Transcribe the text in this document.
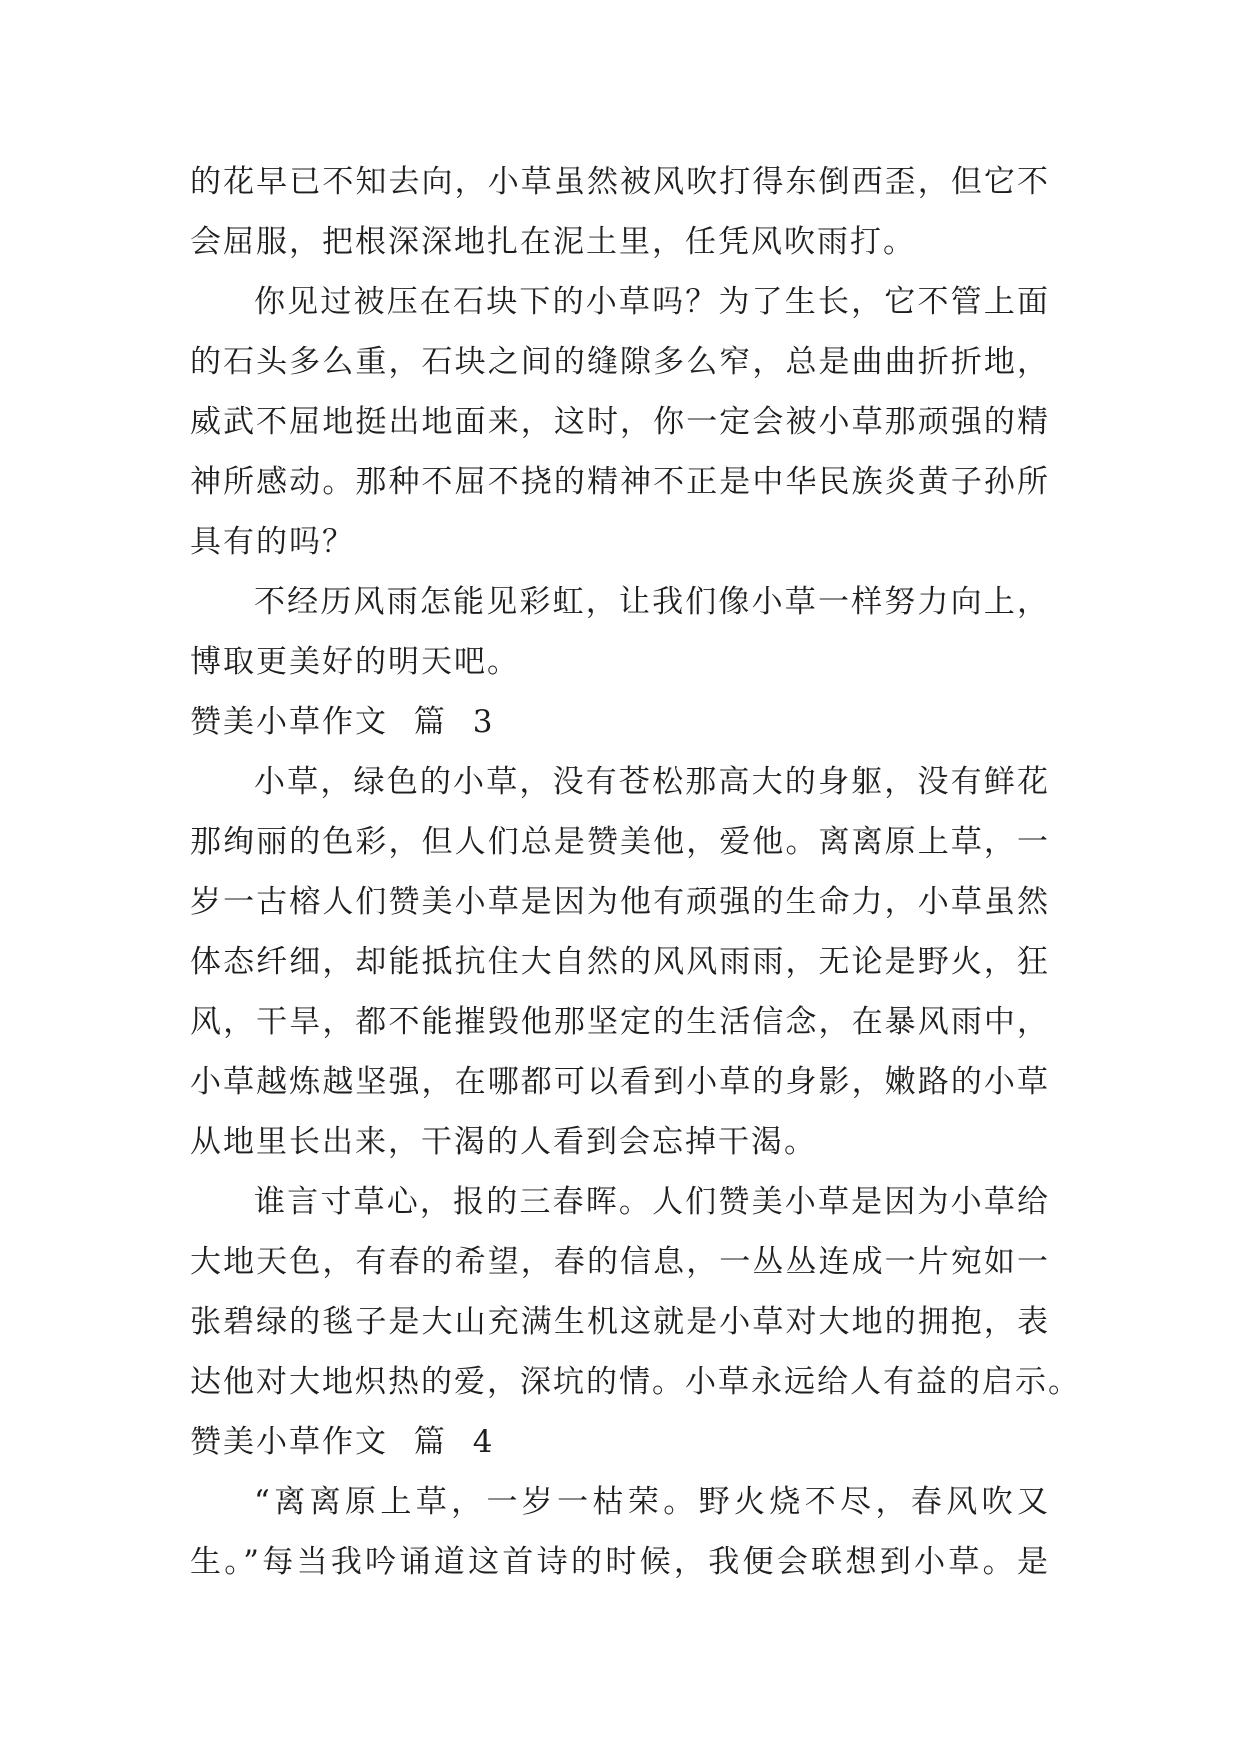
的花早已不知去向，小草虽然被风吹打得东倒西歪，但它不
会屈服，把根深深地扎在泥土里，任凭风吹雨打。
你见过被压在石块下的小草吗？为了生长，它不管上面
的石头多么重，石块之间的缝隙多么窄，总是曲曲折折地，
威武不屈地挺出地面来，这时，你一定会被小草那顽强的精
神所感动。那种不屈不挠的精神不正是中华民族炎黄子孙所
具有的吗？
不经历风雨怎能见彩虹，让我们像小草一样努力向上，
博取更美好的明天吧。
赞美小草作文 篇 3
小草，绿色的小草，没有苍松那高大的身躯，没有鲜花
那绚丽的色彩，但人们总是赞美他，爱他。离离原上草，一
岁一古榕人们赞美小草是因为他有顽强的生命力，小草虽然
体态纤细，却能抵抗住大自然的风风雨雨，无论是野火，狂
风，干旱，都不能摧毁他那坚定的生活信念，在暴风雨中，
小草越炼越坚强，在哪都可以看到小草的身影，嫩路的小草
从地里长出来，干渴的人看到会忘掉干渴。
谁言寸草心，报的三春晖。人们赞美小草是因为小草给
大地天色，有春的希望，春的信息，一丛丛连成一片宛如一
张碧绿的毯子是大山充满生机这就是小草对大地的拥抱，表
达他对大地炽热的爱，深坑的情。小草永远给人有益的启示。
赞美小草作文 篇 4
“离离原上草，一岁一枯荣。野火烧不尽，春风吹又
生。”每当我吟诵道这首诗的时候，我便会联想到小草。是
